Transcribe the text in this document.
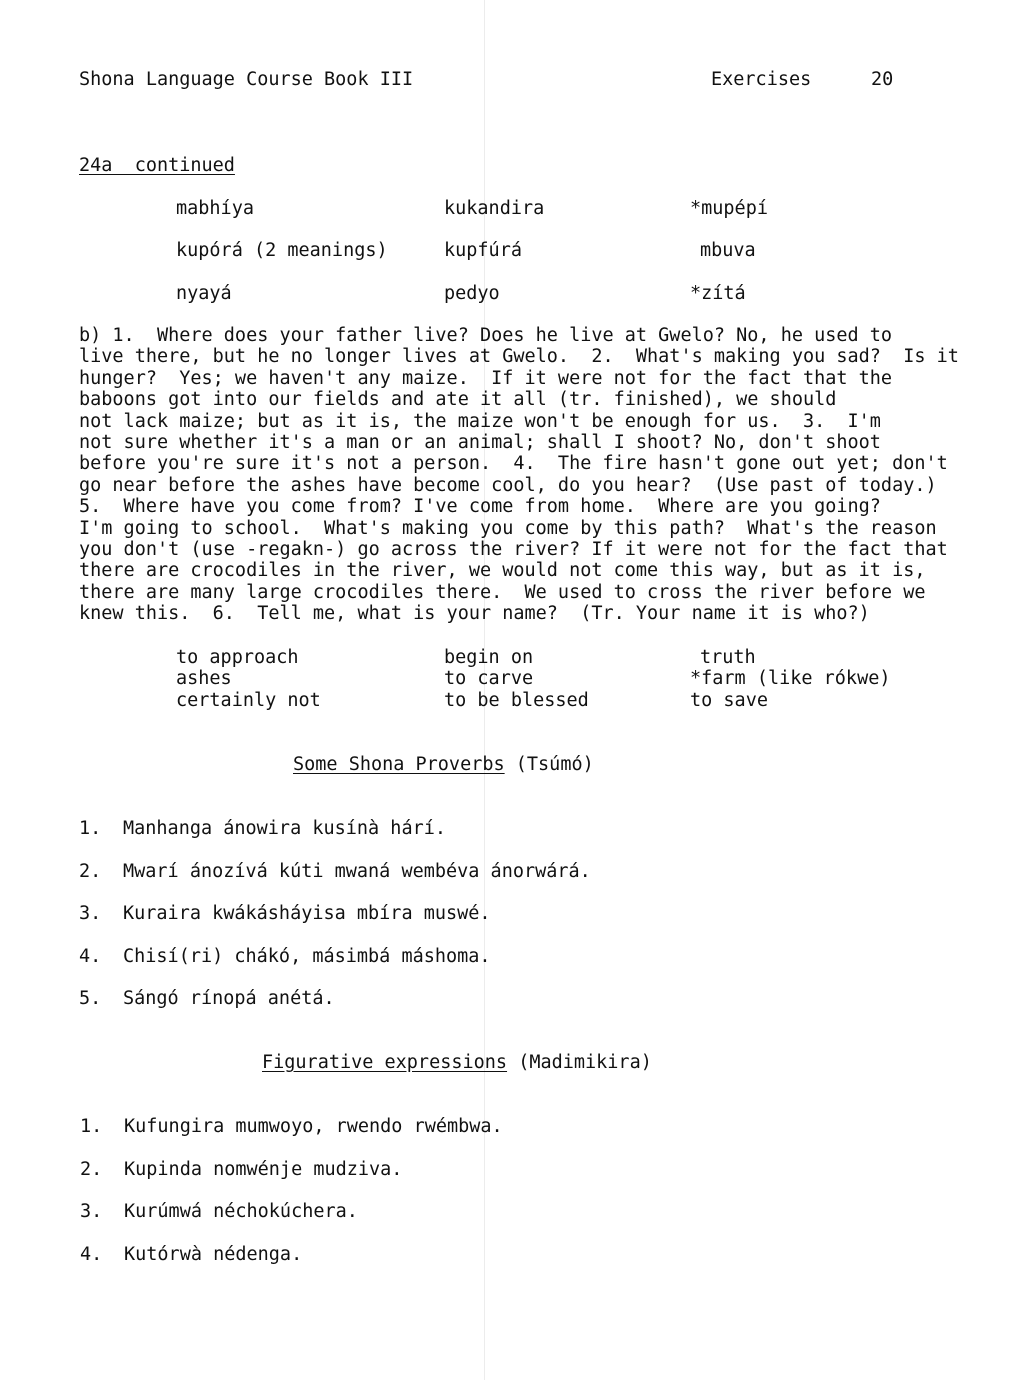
Shona Language Course Book III	Exercises	20
24a  continued
mabhíya	kukandira	*mupépí
kupórá (2 meanings)	kupfúrá	mbuva
nyayá	pedyo	*zítá
b) 1.  Where does your father live? Does he live at Gwelo? No, he used to
live there, but he no longer lives at Gwelo.  2.  What's making you sad?  Is it
hunger?  Yes; we haven't any maize.  If it were not for the fact that the
baboons got into our fields and ate it all (tr. finished), we should
not lack maize; but as it is, the maize won't be enough for us.  3.  I'm
not sure whether it's a man or an animal; shall I shoot? No, don't shoot
before you're sure it's not a person.  4.  The fire hasn't gone out yet; don't
go near before the ashes have become cool, do you hear?  (Use past of today.)
5.  Where have you come from? I've come from home.  Where are you going?
I'm going to school.  What's making you come by this path?  What's the reason
you don't (use -regakn-) go across the river? If it were not for the fact that
there are crocodiles in the river, we would not come this way, but as it is,
there are many large crocodiles there.  We used to cross the river before we
knew this.  6.  Tell me, what is your name?  (Tr. Your name it is who?)
to approach	begin on	truth
ashes	to carve	*farm (like rókwe)
certainly not	to be blessed	to save
Some Shona Proverbs (Tsúmó)
1. Manhanga ánowira kusínà hárí.
2. Mwarí ánozívá kúti mwaná wembéva ánorwárá.
3. Kuraira kwákásháyisa mbíra muswé.
4. Chisí(ri) chákó, másimbá máshoma.
5. Sángó rínopá anétá.
Figurative expressions (Madimikira)
1. Kufungira mumwoyo, rwendo rwémbwa.
2. Kupinda nomwénje mudziva.
3. Kurúmwá néchokúchera.
4. Kutórwà nédenga.
